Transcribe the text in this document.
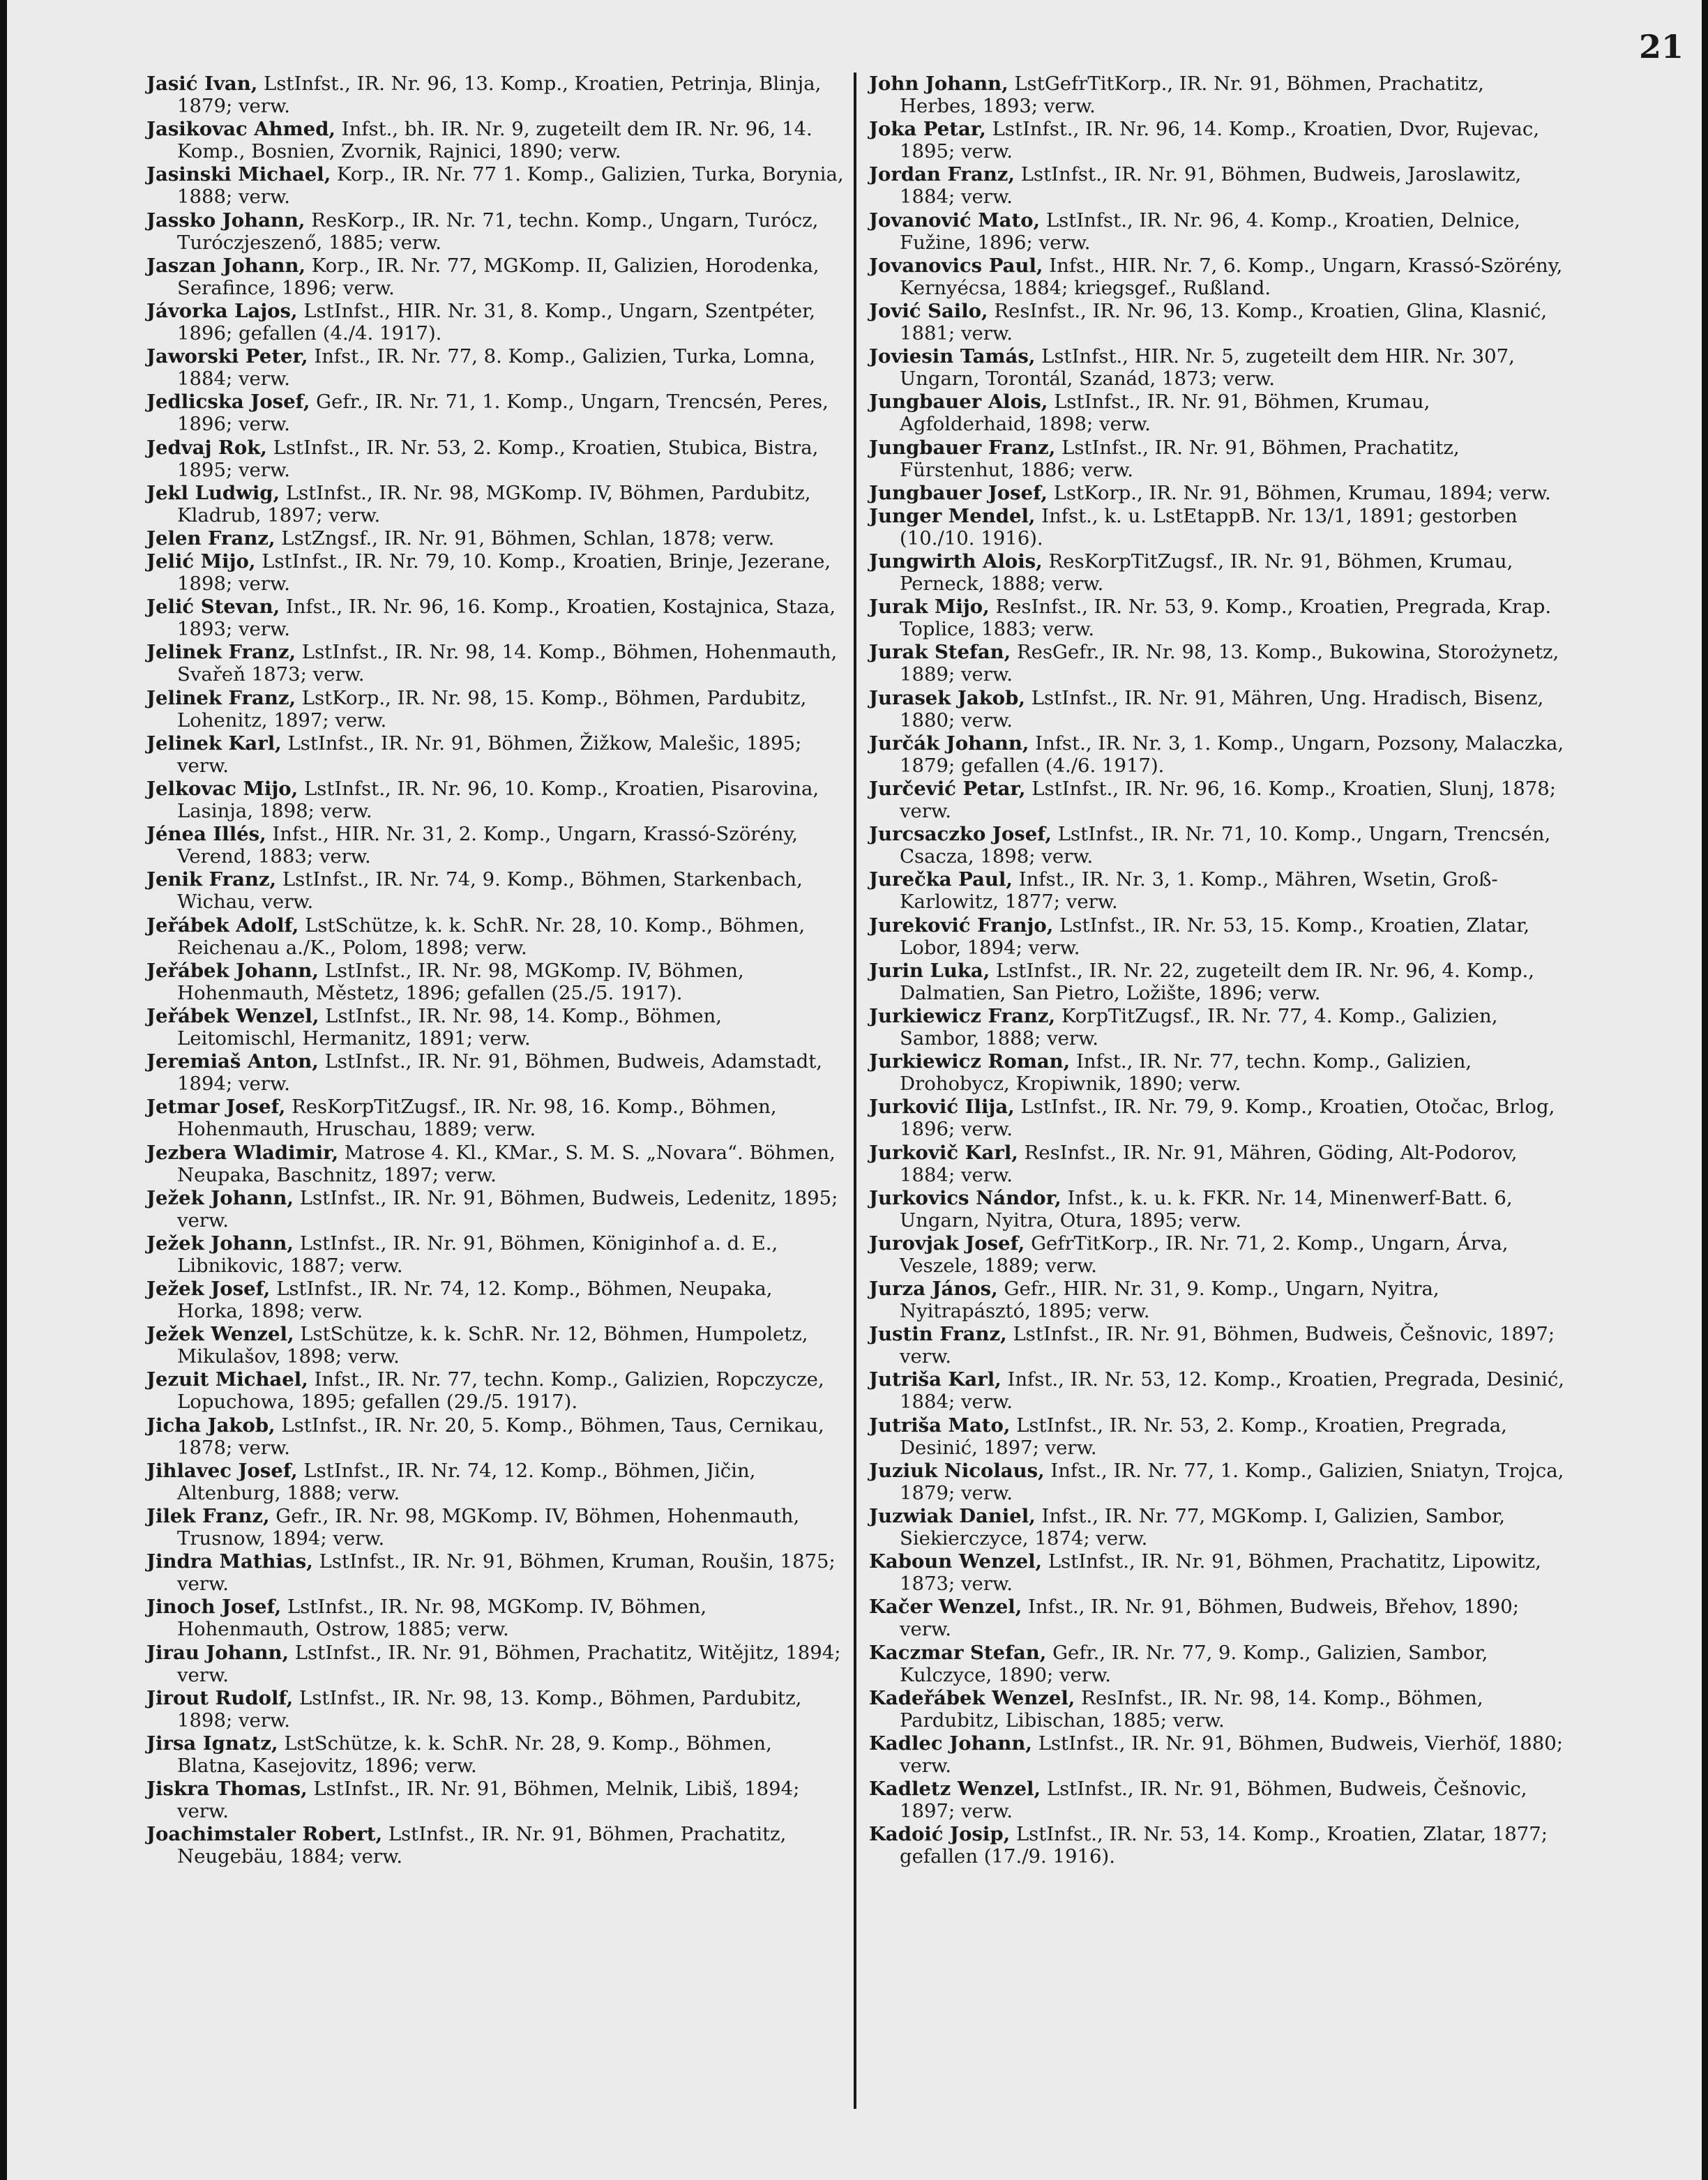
21

Jasić Ivan, LstInfst., IR. Nr. 96, 13. Komp., Kroatien, Petrinja, Blinja, 1879; verw.

Jasikovac Ahmed, Infst., bh. IR. Nr. 9, zugeteilt dem IR. Nr. 96, 14. Komp., Bosnien, Zvornik, Rajnici, 1890; verw.

Jasinski Michael, Korp., IR. Nr. 77 1. Komp., Galizien, Turka, Borynia, 1888; verw.

Jassko Johann, ResKorp., IR. Nr. 71, techn. Komp., Ungarn, Turócz, Turóczjeszenő, 1885; verw.

Jaszan Johann, Korp., IR. Nr. 77, MGKomp. II, Galizien, Horodenka, Serafince, 1896; verw.

Jávorka Lajos, LstInfst., HIR. Nr. 31, 8. Komp., Ungarn, Szentpéter, 1896; gefallen (4./4. 1917).

Jaworski Peter, Infst., IR. Nr. 77, 8. Komp., Galizien, Turka, Lomna, 1884; verw.

Jedlicska Josef, Gefr., IR. Nr. 71, 1. Komp., Ungarn, Trencsén, Peres, 1896; verw.

Jedvaj Rok, LstInfst., IR. Nr. 53, 2. Komp., Kroatien, Stubica, Bistra, 1895; verw.

Jekl Ludwig, LstInfst., IR. Nr. 98, MGKomp. IV, Böhmen, Pardubitz, Kladrub, 1897; verw.

Jelen Franz, LstZngsf., IR. Nr. 91, Böhmen, Schlan, 1878; verw.

Jelić Mijo, LstInfst., IR. Nr. 79, 10. Komp., Kroatien, Brinje, Jezerane, 1898; verw.

Jelić Stevan, Infst., IR. Nr. 96, 16. Komp., Kroatien, Kostajnica, Staza, 1893; verw.

Jelinek Franz, LstInfst., IR. Nr. 98, 14. Komp., Böhmen, Hohenmauth, Svařeň 1873; verw.

Jelinek Franz, LstKorp., IR. Nr. 98, 15. Komp., Böhmen, Pardubitz, Lohenitz, 1897; verw.

Jelinek Karl, LstInfst., IR. Nr. 91, Böhmen, Žižkow, Malešic, 1895; verw.

Jelkovac Mijo, LstInfst., IR. Nr. 96, 10. Komp., Kroatien, Pisarovina, Lasinja, 1898; verw.

Jénea Illés, Infst., HIR. Nr. 31, 2. Komp., Ungarn, Krassó-Szörény, Verend, 1883; verw.

Jenik Franz, LstInfst., IR. Nr. 74, 9. Komp., Böhmen, Starkenbach, Wichau, verw.

Jeřábek Adolf, LstSchütze, k. k. SchR. Nr. 28, 10. Komp., Böhmen, Reichenau a./K., Polom, 1898; verw.

Jeřábek Johann, LstInfst., IR. Nr. 98, MGKomp. IV, Böhmen, Hohenmauth, Městetz, 1896; gefallen (25./5. 1917).

Jeřábek Wenzel, LstInfst., IR. Nr. 98, 14. Komp., Böhmen, Leitomischl, Hermanitz, 1891; verw.

Jeremiaš Anton, LstInfst., IR. Nr. 91, Böhmen, Budweis, Adamstadt, 1894; verw.

Jetmar Josef, ResKorpTitZugsf., IR. Nr. 98, 16. Komp., Böhmen, Hohenmauth, Hruschau, 1889; verw.

Jezbera Wladimir, Matrose 4. Kl., KMar., S. M. S. „Novara“. Böhmen, Neupaka, Baschnitz, 1897; verw.

Ježek Johann, LstInfst., IR. Nr. 91, Böhmen, Budweis, Ledenitz, 1895; verw.

Ježek Johann, LstInfst., IR. Nr. 91, Böhmen, Königinhof a. d. E., Libnikovic, 1887; verw.

Ježek Josef, LstInfst., IR. Nr. 74, 12. Komp., Böhmen, Neupaka, Horka, 1898; verw.

Ježek Wenzel, LstSchütze, k. k. SchR. Nr. 12, Böhmen, Humpoletz, Mikulašov, 1898; verw.

Jezuit Michael, Infst., IR. Nr. 77, techn. Komp., Galizien, Ropczycze, Lopuchowa, 1895; gefallen (29./5. 1917).

Jicha Jakob, LstInfst., IR. Nr. 20, 5. Komp., Böhmen, Taus, Cernikau, 1878; verw.

Jihlavec Josef, LstInfst., IR. Nr. 74, 12. Komp., Böhmen, Jičin, Altenburg, 1888; verw.

Jilek Franz, Gefr., IR. Nr. 98, MGKomp. IV, Böhmen, Hohenmauth, Trusnow, 1894; verw.

Jindra Mathias, LstInfst., IR. Nr. 91, Böhmen, Kruman, Roušin, 1875; verw.

Jinoch Josef, LstInfst., IR. Nr. 98, MGKomp. IV, Böhmen, Hohenmauth, Ostrow, 1885; verw.

Jirau Johann, LstInfst., IR. Nr. 91, Böhmen, Prachatitz, Witějitz, 1894; verw.

Jirout Rudolf, LstInfst., IR. Nr. 98, 13. Komp., Böhmen, Pardubitz, 1898; verw.

Jirsa Ignatz, LstSchütze, k. k. SchR. Nr. 28, 9. Komp., Böhmen, Blatna, Kasejovitz, 1896; verw.

Jiskra Thomas, LstInfst., IR. Nr. 91, Böhmen, Melnik, Libiš, 1894; verw.

Joachimstaler Robert, LstInfst., IR. Nr. 91, Böhmen, Prachatitz, Neugebäu, 1884; verw.

John Johann, LstGefrTitKorp., IR. Nr. 91, Böhmen, Prachatitz, Herbes, 1893; verw.

Joka Petar, LstInfst., IR. Nr. 96, 14. Komp., Kroatien, Dvor, Rujevac, 1895; verw.

Jordan Franz, LstInfst., IR. Nr. 91, Böhmen, Budweis, Jaroslawitz, 1884; verw.

Jovanović Mato, LstInfst., IR. Nr. 96, 4. Komp., Kroatien, Delnice, Fužine, 1896; verw.

Jovanovics Paul, Infst., HIR. Nr. 7, 6. Komp., Ungarn, Krassó-Szörény, Kernyécsa, 1884; kriegsgef., Rußland.

Jović Sailo, ResInfst., IR. Nr. 96, 13. Komp., Kroatien, Glina, Klasnić, 1881; verw.

Joviesin Tamás, LstInfst., HIR. Nr. 5, zugeteilt dem HIR. Nr. 307, Ungarn, Torontál, Szanád, 1873; verw.

Jungbauer Alois, LstInfst., IR. Nr. 91, Böhmen, Krumau, Agfolderhaid, 1898; verw.

Jungbauer Franz, LstInfst., IR. Nr. 91, Böhmen, Prachatitz, Fürstenhut, 1886; verw.

Jungbauer Josef, LstKorp., IR. Nr. 91, Böhmen, Krumau, 1894; verw.

Junger Mendel, Infst., k. u. LstEtappB. Nr. 13/1, 1891; gestorben (10./10. 1916).

Jungwirth Alois, ResKorpTitZugsf., IR. Nr. 91, Böhmen, Krumau, Perneck, 1888; verw.

Jurak Mijo, ResInfst., IR. Nr. 53, 9. Komp., Kroatien, Pregrada, Krap. Toplice, 1883; verw.

Jurak Stefan, ResGefr., IR. Nr. 98, 13. Komp., Bukowina, Storożynetz, 1889; verw.

Jurasek Jakob, LstInfst., IR. Nr. 91, Mähren, Ung. Hradisch, Bisenz, 1880; verw.

Jurčák Johann, Infst., IR. Nr. 3, 1. Komp., Ungarn, Pozsony, Malaczka, 1879; gefallen (4./6. 1917).

Jurčević Petar, LstInfst., IR. Nr. 96, 16. Komp., Kroatien, Slunj, 1878; verw.

Jurcsaczko Josef, LstInfst., IR. Nr. 71, 10. Komp., Ungarn, Trencsén, Csacza, 1898; verw.

Jurečka Paul, Infst., IR. Nr. 3, 1. Komp., Mähren, Wsetin, Groß-Karlowitz, 1877; verw.

Jureković Franjo, LstInfst., IR. Nr. 53, 15. Komp., Kroatien, Zlatar, Lobor, 1894; verw.

Jurin Luka, LstInfst., IR. Nr. 22, zugeteilt dem IR. Nr. 96, 4. Komp., Dalmatien, San Pietro, Ložište, 1896; verw.

Jurkiewicz Franz, KorpTitZugsf., IR. Nr. 77, 4. Komp., Galizien, Sambor, 1888; verw.

Jurkiewicz Roman, Infst., IR. Nr. 77, techn. Komp., Galizien, Drohobycz, Kropiwnik, 1890; verw.

Jurković Ilija, LstInfst., IR. Nr. 79, 9. Komp., Kroatien, Otočac, Brlog, 1896; verw.

Jurkovič Karl, ResInfst., IR. Nr. 91, Mähren, Göding, Alt-Podorov, 1884; verw.

Jurkovics Nándor, Infst., k. u. k. FKR. Nr. 14, Minenwerf-Batt. 6, Ungarn, Nyitra, Otura, 1895; verw.

Jurovjak Josef, GefrTitKorp., IR. Nr. 71, 2. Komp., Ungarn, Árva, Veszele, 1889; verw.

Jurza János, Gefr., HIR. Nr. 31, 9. Komp., Ungarn, Nyitra, Nyitrapásztó, 1895; verw.

Justin Franz, LstInfst., IR. Nr. 91, Böhmen, Budweis, Češnovic, 1897; verw.

Jutriša Karl, Infst., IR. Nr. 53, 12. Komp., Kroatien, Pregrada, Desinić, 1884; verw.

Jutriša Mato, LstInfst., IR. Nr. 53, 2. Komp., Kroatien, Pregrada, Desinić, 1897; verw.

Juziuk Nicolaus, Infst., IR. Nr. 77, 1. Komp., Galizien, Sniatyn, Trojca, 1879; verw.

Juzwiak Daniel, Infst., IR. Nr. 77, MGKomp. I, Galizien, Sambor, Siekierczyce, 1874; verw.

Kaboun Wenzel, LstInfst., IR. Nr. 91, Böhmen, Prachatitz, Lipowitz, 1873; verw.

Kačer Wenzel, Infst., IR. Nr. 91, Böhmen, Budweis, Břehov, 1890; verw.

Kaczmar Stefan, Gefr., IR. Nr. 77, 9. Komp., Galizien, Sambor, Kulczyce, 1890; verw.

Kadeřábek Wenzel, ResInfst., IR. Nr. 98, 14. Komp., Böhmen, Pardubitz, Libischan, 1885; verw.

Kadlec Johann, LstInfst., IR. Nr. 91, Böhmen, Budweis, Vierhöf, 1880; verw.

Kadletz Wenzel, LstInfst., IR. Nr. 91, Böhmen, Budweis, Češnovic, 1897; verw.

Kadoić Josip, LstInfst., IR. Nr. 53, 14. Komp., Kroatien, Zlatar, 1877; gefallen (17./9. 1916).
